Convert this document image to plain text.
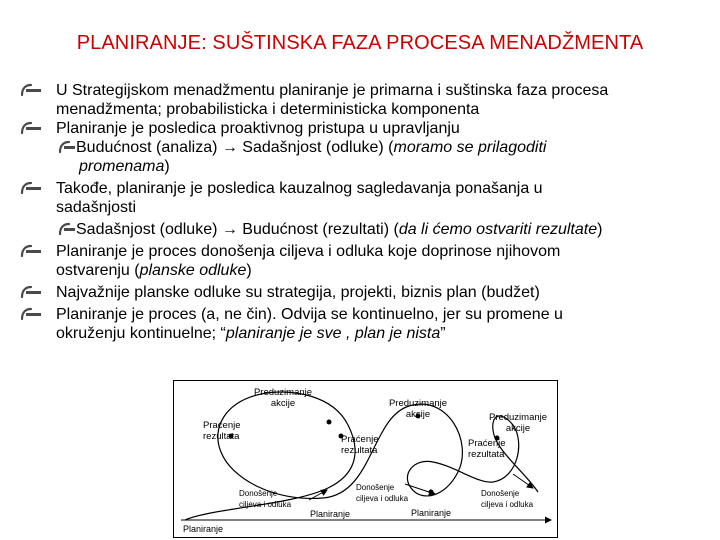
PLANIRANJE: SUŠTINSKA FAZA PROCESA MENADŽMENTA

U Strategijskom menadžmentu planiranje je primarna i suštinska faza procesa
menadžmenta; probabilisticka i deterministicka komponenta

Planiranje je posledica proaktivnog pristupa u upravljanju

Budućnost (analiza) → Sadašnjost (odluke) (moramo se prilagoditi
promenama)

Takođe, planiranje je posledica kauzalnog sagledavanja ponašanja u
sadašnjosti

Sadašnjost (odluke) → Budućnost (rezultati) (da li ćemo ostvariti rezultate)

Planiranje je proces donošenja ciljeva i odluka koje doprinose njihovom
ostvarenju (planske odluke)

Najvažnije planske odluke su strategija, projekti, biznis plan (budžet)

Planiranje je proces (a, ne čin). Odvija se kontinuelno, jer su promene u
okruženju kontinuelne; “planiranje je sve , plan je nista”

Preduzimanje
akcije	Preduzimanje
akcije	Preduzimanje
akcije
Praćenje
rezultata	Praćenje
rezultata
Praćenje
rezultata
Donošenje
ciljeva i odluka
Donošenje
ciljeva i odluka
Donošenje
ciljeva i odluka
Planiranje
Planiranje	Planiranje
